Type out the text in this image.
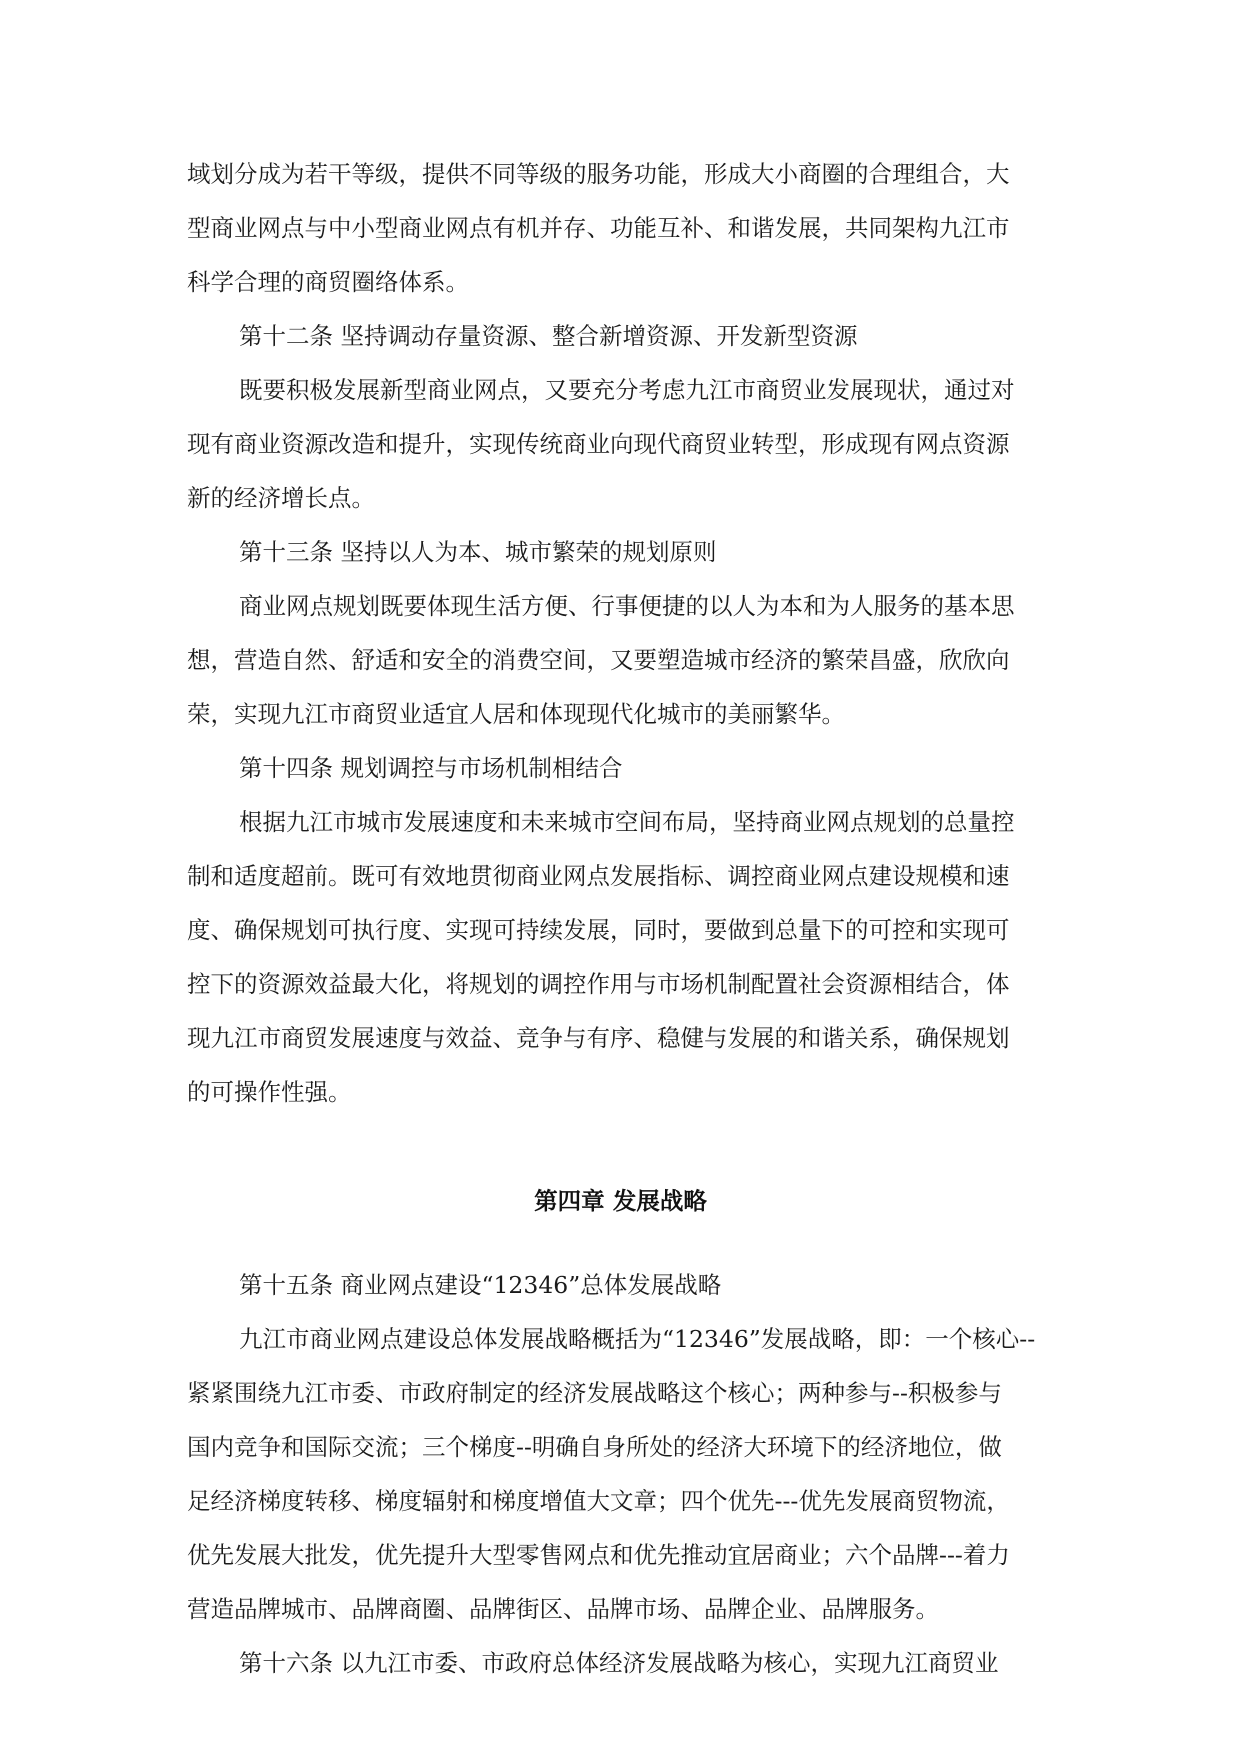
域划分成为若干等级，提供不同等级的服务功能，形成大小商圈的合理组合，大

型商业网点与中小型商业网点有机并存、功能互补、和谐发展，共同架构九江市

科学合理的商贸圈络体系。

第十二条 坚持调动存量资源、整合新增资源、开发新型资源

既要积极发展新型商业网点，又要充分考虑九江市商贸业发展现状，通过对

现有商业资源改造和提升，实现传统商业向现代商贸业转型，形成现有网点资源

新的经济增长点。

第十三条 坚持以人为本、城市繁荣的规划原则

商业网点规划既要体现生活方便、行事便捷的以人为本和为人服务的基本思

想，营造自然、舒适和安全的消费空间，又要塑造城市经济的繁荣昌盛，欣欣向

荣，实现九江市商贸业适宜人居和体现现代化城市的美丽繁华。

第十四条 规划调控与市场机制相结合

根据九江市城市发展速度和未来城市空间布局，坚持商业网点规划的总量控

制和适度超前。既可有效地贯彻商业网点发展指标、调控商业网点建设规模和速

度、确保规划可执行度、实现可持续发展，同时，要做到总量下的可控和实现可

控下的资源效益最大化，将规划的调控作用与市场机制配置社会资源相结合，体

现九江市商贸发展速度与效益、竞争与有序、稳健与发展的和谐关系，确保规划

的可操作性强。

第四章 发展战略

第十五条 商业网点建设“12346”总体发展战略

九江市商业网点建设总体发展战略概括为“12346”发展战略，即：一个核心--

紧紧围绕九江市委、市政府制定的经济发展战略这个核心；两种参与--积极参与

国内竞争和国际交流；三个梯度--明确自身所处的经济大环境下的经济地位，做

足经济梯度转移、梯度辐射和梯度增值大文章；四个优先---优先发展商贸物流，

优先发展大批发，优先提升大型零售网点和优先推动宜居商业；六个品牌---着力

营造品牌城市、品牌商圈、品牌街区、品牌市场、品牌企业、品牌服务。

第十六条 以九江市委、市政府总体经济发展战略为核心，实现九江商贸业
